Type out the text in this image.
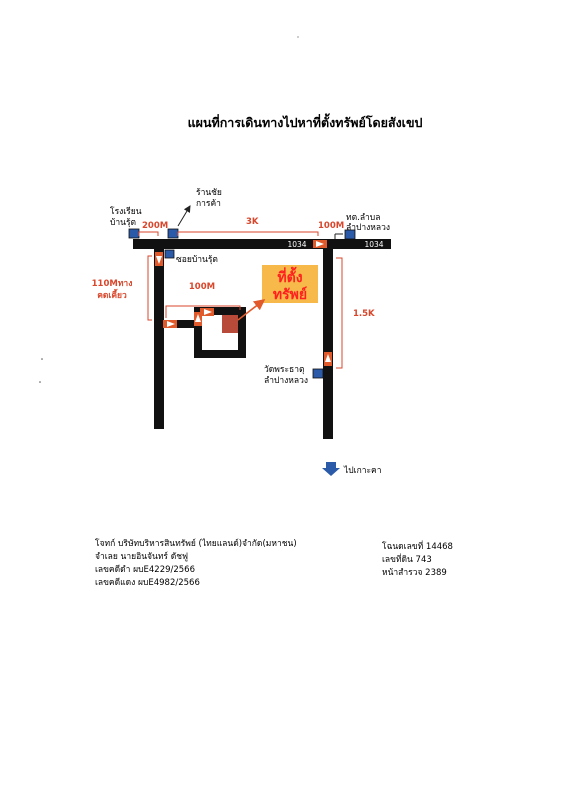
แผนที่การเดินทางไปหาที่ตั้งทรัพย์โดยสังเขป
1034	1034
ที่ตั้ง
ทรัพย์
โรงเรียน
บ้านรุ้ต
ร้านชัย
การค้า
ทต.ลำบล
ลำปางหลวง
ซอยบ้านรุ้ต
วัดพระธาตุ
ลำปางหลวง
200M	3K	100M
110Mทาง
คดเคี้ยว
100M
1.5K
ไปเกาะคา
โจทก์ บริษัทบริหารสินทรัพย์ (ไทยแลนด์)จำกัด(มหาชน)
จำเลย นายอินจันทร์ ดัชฟู
เลขคดีดำ ผบE4229/2566
เลขคดีแดง ผบE4982/2566
โฉนดเลขที่ 14468
เลขที่ดิน 743
หน้าสำรวจ 2389
